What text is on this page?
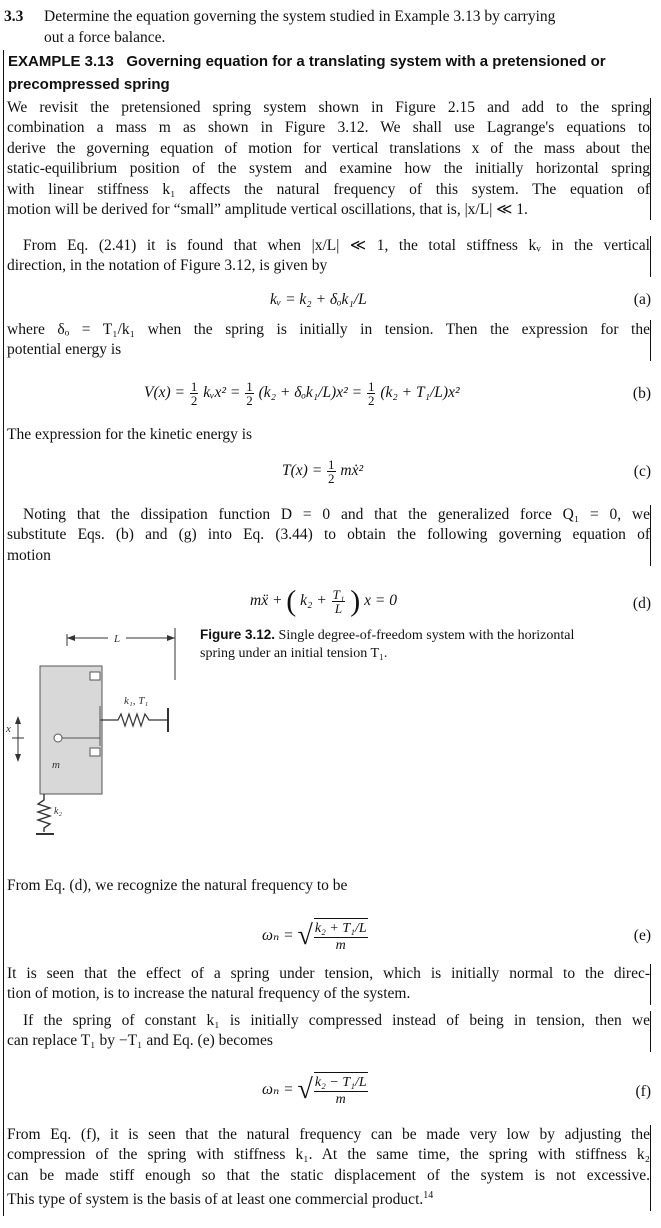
3.3 Determine the equation governing the system studied in Example 3.13 by carrying
out a force balance.
EXAMPLE 3.13 Governing equation for a translating system with a pretensioned or
precompressed spring
We revisit the pretensioned spring system shown in Figure 2.15 and add to the spring
combination a mass m as shown in Figure 3.12. We shall use Lagrange's equations to
derive the governing equation of motion for vertical translations x of the mass about the
static-equilibrium position of the system and examine how the initially horizontal spring
with linear stiffness k₁ affects the natural frequency of this system. The equation of
motion will be derived for “small” amplitude vertical oscillations, that is, |x/L| ≪ 1.
From Eq. (2.41) it is found that when |x/L| ≪ 1, the total stiffness kᵥ in the vertical
direction, in the notation of Figure 3.12, is given by
kᵥ = k₂ + δₒk₁/L	(a)
where δₒ = T₁/k₁ when the spring is initially in tension. Then the expression for the
potential energy is
$V(x) = \frac{1}{2}$ kᵥx² = $\frac{1}{2} (k_2 + \delta_ok_1/L)x^2 = \frac{1}{2} (k_2 + T_1/L)x^2$	(b)
The expression for the kinetic energy is
$T(x) = \frac{1}{2}$ mẋ²	(c)
Noting that the dissipation function D = 0 and that the generalized force Q₁ = 0, we
substitute Eqs. (b) and (g) into Eq. (3.44) to obtain the following governing equation of
motion
mẍ + ( $k_2 + \frac{\text{T₁}}{L}$ ) x = 0	(d)
L
k₁, T₁
m
x
k₂
Figure 3.12. Single degree-of-freedom system with the horizontal
spring under an initial tension T₁.
From Eq. (d), we recognize the natural frequency to be
ωₙ = √ $\frac{\text{k₂ + T₁/L}}{m}$	(e)
It is seen that the effect of a spring under tension, which is initially normal to the direc-
tion of motion, is to increase the natural frequency of the system.
If the spring of constant k₁ is initially compressed instead of being in tension, then we
can replace T₁ by −T₁ and Eq. (e) becomes
ωₙ = √ $\frac{\text{k₂ − T₁/L}}{m}$	(f)
From Eq. (f), it is seen that the natural frequency can be made very low by adjusting the
compression of the spring with stiffness k₁. At the same time, the spring with stiffness k₂
can be made stiff enough so that the static displacement of the system is not excessive.
This type of system is the basis of at least one commercial product.$^{14}$
